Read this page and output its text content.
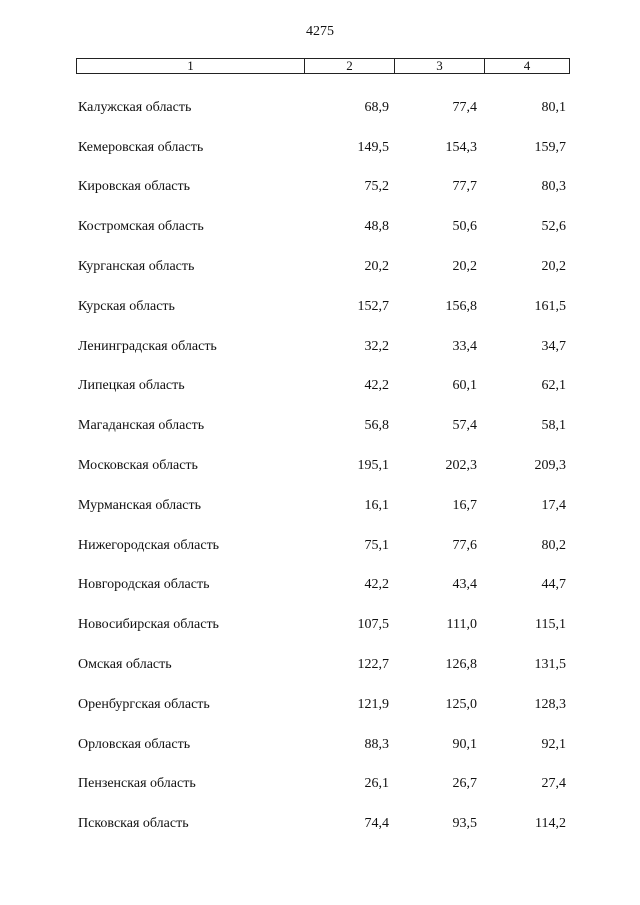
4275
1	2	3	4
Калужская область	68,9	77,4	80,1
Кемеровская область	149,5	154,3	159,7
Кировская область	75,2	77,7	80,3
Костромская область	48,8	50,6	52,6
Курганская область	20,2	20,2	20,2
Курская область	152,7	156,8	161,5
Ленинградская область	32,2	33,4	34,7
Липецкая область	42,2	60,1	62,1
Магаданская область	56,8	57,4	58,1
Московская область	195,1	202,3	209,3
Мурманская область	16,1	16,7	17,4
Нижегородская область	75,1	77,6	80,2
Новгородская область	42,2	43,4	44,7
Новосибирская область	107,5	111,0	115,1
Омская область	122,7	126,8	131,5
Оренбургская область	121,9	125,0	128,3
Орловская область	88,3	90,1	92,1
Пензенская область	26,1	26,7	27,4
Псковская область	74,4	93,5	114,2
